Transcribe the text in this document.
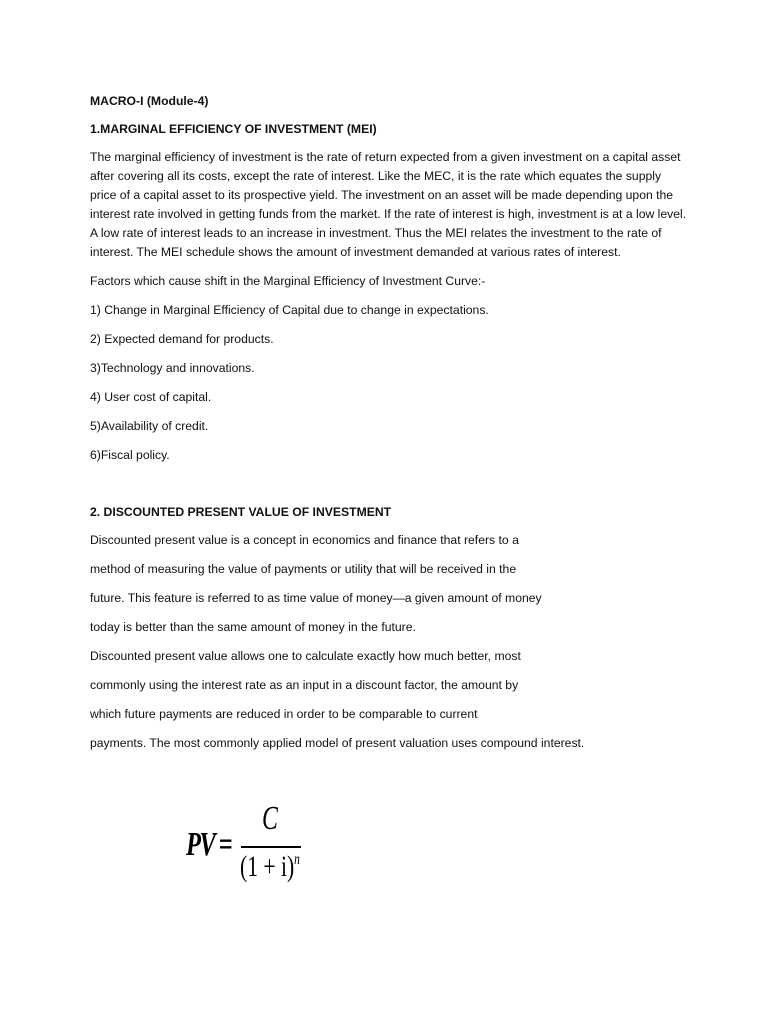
MACRO-I (Module-4)
1.MARGINAL EFFICIENCY OF INVESTMENT (MEI)
The marginal efficiency of investment is the rate of return expected from a given investment on a capital asset after covering all its costs, except the rate of interest. Like the MEC, it is the rate which equates the supply price of a capital asset to its prospective yield. The investment on an asset will be made depending upon the interest rate involved in getting funds from the market. If the rate of interest is high, investment is at a low level. A low rate of interest leads to an increase in investment. Thus the MEI relates the investment to the rate of interest. The MEI schedule shows the amount of investment demanded at various rates of interest.
Factors which cause shift in the Marginal Efficiency of Investment Curve:-
1) Change in Marginal Efficiency of Capital due to change in expectations.
2) Expected demand for products.
3)Technology and innovations.
4) User cost of capital.
5)Availability of credit.
6)Fiscal policy.
2. DISCOUNTED PRESENT VALUE OF INVESTMENT
Discounted present value is a concept in economics and finance that refers to a
method of measuring the value of payments or utility that will be received in the
future. This feature is referred to as time value of money—a given amount of money
today is better than the same amount of money in the future.
Discounted present value allows one to calculate exactly how much better, most
commonly using the interest rate as an input in a discount factor, the amount by
which future payments are reduced in order to be comparable to current
payments. The most commonly applied model of present valuation uses compound interest.
PV =
C
$(1 + i)^n$
